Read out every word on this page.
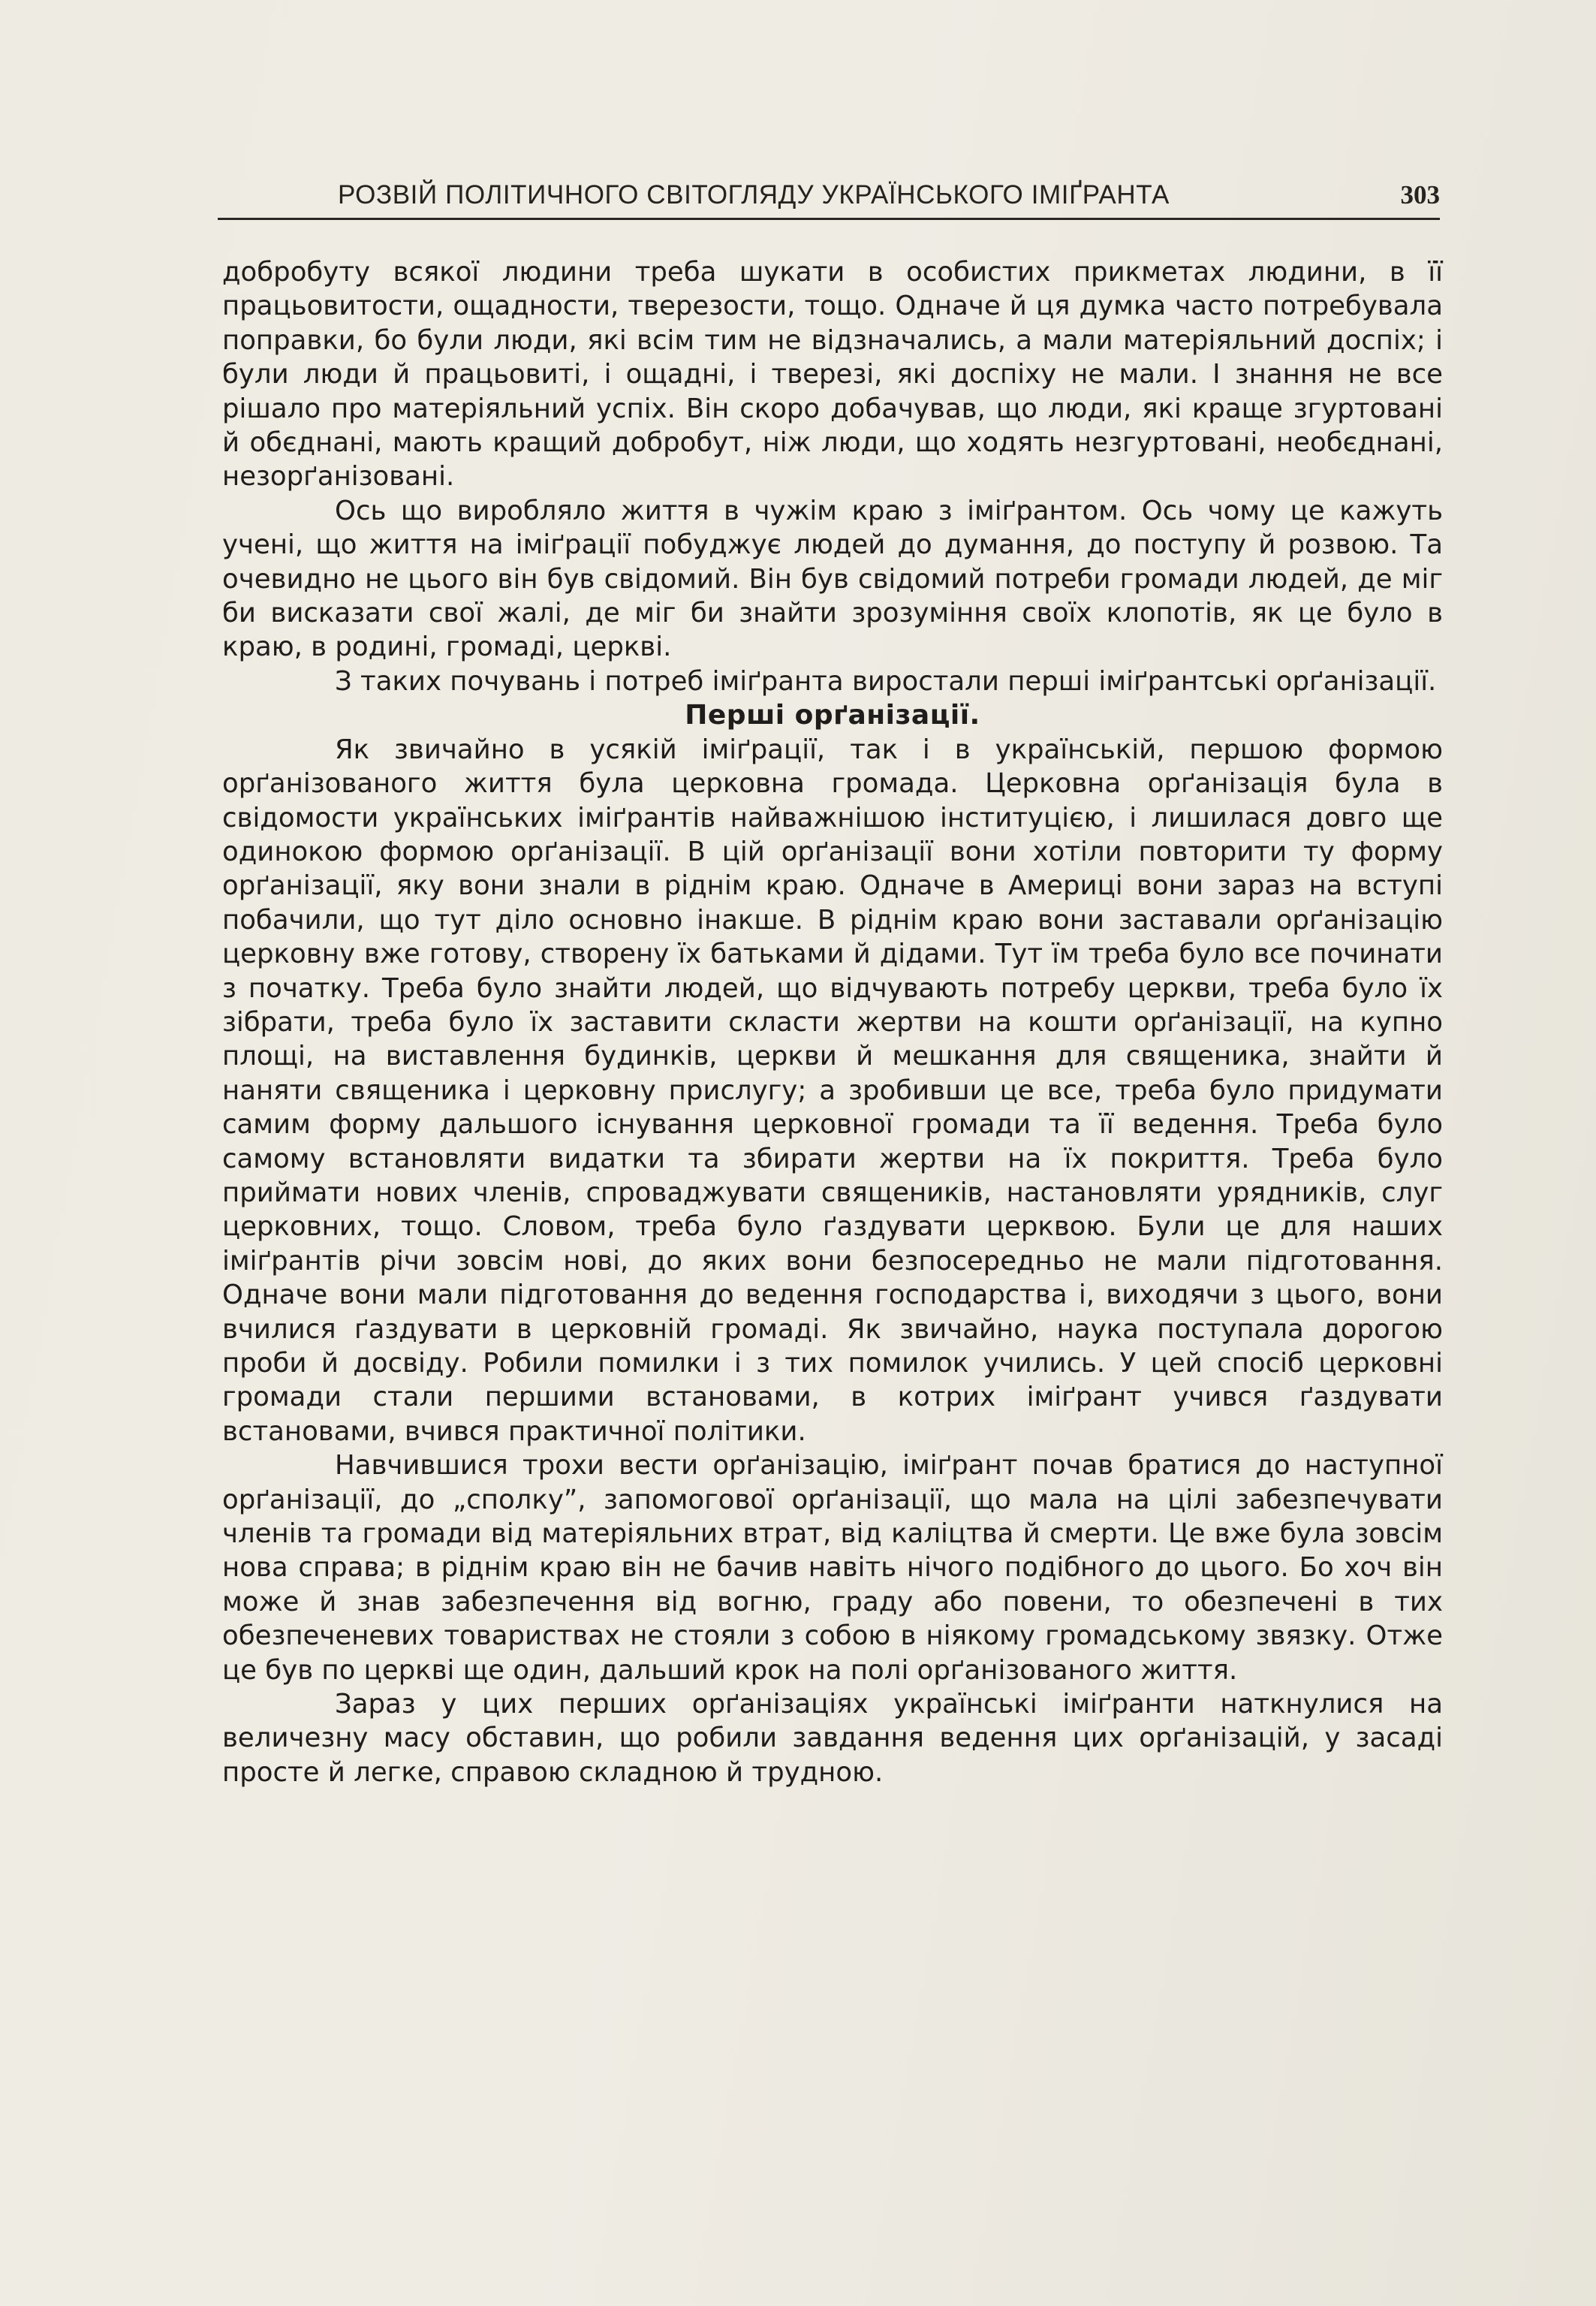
РОЗВІЙ ПОЛІТИЧНОГО СВІТОГЛЯДУ УКРАЇНСЬКОГО ІМІҐРАНТА	303

добробуту всякої людини треба шукати в особистих прикметах людини, в її працьовитости, ощадности, тверезости, тощо. Одначе й ця думка часто потребувала поправки, бо були люди, які всім тим не відзначались, а мали матеріяльний доспіх; і були люди й працьовиті, і ощадні, і тверезі, які доспіху не мали. І знання не все рішало про матеріяльний успіх. Він скоро добачував, що люди, які краще згуртовані й обєднані, мають кращий добробут, ніж люди, що ходять незгуртовані, необєднані, незорґанізовані.

Ось що виробляло життя в чужім краю з іміґрантом. Ось чому це кажуть учені, що життя на іміґрації побуджує людей до думання, до поступу й розвою. Та очевидно не цього він був свідомий. Він був свідомий потреби громади людей, де міг би висказати свої жалі, де міг би знайти зрозуміння своїх клопотів, як це було в краю, в родині, громаді, церкві.

З таких почувань і потреб іміґранта виростали перші іміґрантські орґанізації.

Перші орґанізації.

Як звичайно в усякій іміґрації, так і в українській, першою формою орґанізованого життя була церковна громада. Церковна орґанізація була в свідомости українських іміґрантів найважнішою інституцією, і лишилася довго ще одинокою формою орґанізації. В цій орґанізації вони хотіли повторити ту форму орґанізації, яку вони знали в ріднім краю. Одначе в Америці вони зараз на вступі побачили, що тут діло основно інакше. В ріднім краю вони заставали орґанізацію церковну вже готову, створену їх батьками й дідами. Тут їм треба було все починати з початку. Треба було знайти людей, що відчувають потребу церкви, треба було їх зібрати, треба було їх заставити скласти жертви на кошти орґанізації, на купно площі, на виставлення будинків, церкви й мешкання для священика, знайти й наняти священика і церковну прислугу; а зробивши це все, треба було придумати самим форму дальшого існування церковної громади та її ведення. Треба було самому встановляти видатки та збирати жертви на їх покриття. Треба було приймати нових членів, спроваджувати священиків, настановляти урядників, слуг церковних, тощо. Словом, треба було ґаздувати церквою. Були це для наших іміґрантів річи зовсім нові, до яких вони безпосередньо не мали підготовання. Одначе вони мали підготовання до ведення господарства і, виходячи з цього, вони вчилися ґаздувати в церковній громаді. Як звичайно, наука поступала дорогою проби й досвіду. Робили помилки і з тих помилок учились. У цей спосіб церковні громади стали першими встановами, в котрих іміґрант учився ґаздувати встановами, вчився практичної політики.

Навчившися трохи вести орґанізацію, іміґрант почав братися до наступної орґанізації, до „сполку”, запомогової орґанізації, що мала на цілі забезпечувати членів та громади від матеріяльних втрат, від каліцтва й смерти. Це вже була зовсім нова справа; в ріднім краю він не бачив навіть нічого подібного до цього. Бо хоч він може й знав забезпечення від вогню, граду або повени, то обезпечені в тих обезпеченевих товариствах не стояли з собою в ніякому громадському звязку. Отже це був по церкві ще один, дальший крок на полі орґанізованого життя.

Зараз у цих перших орґанізаціях українські іміґранти наткнулися на величезну масу обставин, що робили завдання ведення цих орґанізацій, у засаді просте й легке, справою складною й трудною.
